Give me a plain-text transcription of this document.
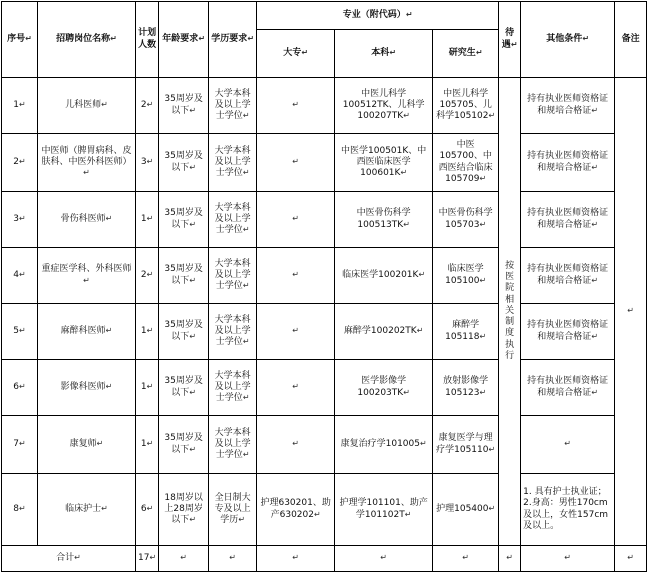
序号↵	招聘岗位名称↵	计划人数	年龄要求↵	学历要求↵	专业（附代码）↵			待遇↵	其他条件↵	备注
					大专↵	本科↵	研究生↵			
1↵	儿科医师↵	2↵	35周岁及以下↵	大学本科及以上学士学位↵	↵	中医儿科学100512TK、儿科学100207TK↵	中医儿科学105705、儿科学105102↵	按医院相关制度执行	持有执业医师资格证和规培合格证↵	↵
2↵	中医师（脾胃病科、皮肤科、中医外科医师）↵	3↵	35周岁及以下↵	大学本科及以上学士学位↵	↵	中医学100501K、中西医临床医学100601K↵	中医105700、中西医结合临床105709↵		持有执业医师资格证和规培合格证↵	
3↵	骨伤科医师↵	1↵	35周岁及以下↵	大学本科及以上学士学位↵	↵	中医骨伤科学100513TK↵	中医骨伤科学105703↵		持有执业医师资格证和规培合格证↵	
4↵	重症医学科、外科医师↵	2↵	35周岁及以下↵	大学本科及以上学士学位↵	↵	临床医学100201K↵	临床医学105100↵		持有执业医师资格证和规培合格证↵	
5↵	麻醉科医师↵	1↵	35周岁及以下↵	大学本科及以上学士学位↵	↵	麻醉学100202TK↵	麻醉学105118↵		持有执业医师资格证和规培合格证↵	
6↵	影像科医师↵	1↵	35周岁及以下↵	大学本科及以上学士学位↵	↵	医学影像学100203TK↵	放射影像学105123↵		持有执业医师资格证和规培合格证↵	
7↵	康复师↵	1↵	35周岁及以下↵	大学本科及以上学士学位↵	↵	康复治疗学101005↵	康复医学与理疗学105110↵		↵	
8↵	临床护士↵	6↵	18周岁以上28周岁以下↵	全日制大专及以上学历↵	护理630201、助产630202↵	护理学101101、助产学101102T↵	护理105400↵		1. 具有护士执业证；2.身高：男性170cm及以上，女性157cm及以上。	
合计↵		17↵	↵	↵	↵	↵	↵	↵	↵	↵
